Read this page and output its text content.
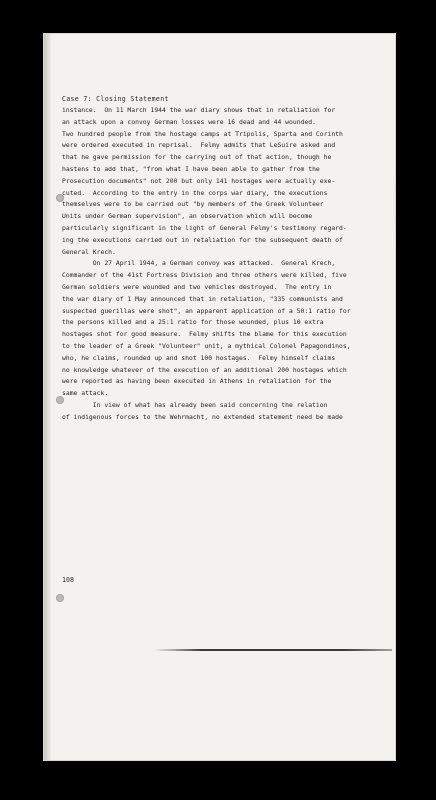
Case 7: Closing Statement
instance.  On 11 March 1944 the war diary shows that in retaliation for
an attack upon a convoy German losses were 16 dead and 44 wounded.
Two hundred people from the hostage camps at Tripolis, Sparta and Corinth
were ordered executed in reprisal.  Felmy admits that LeSuire asked and
that he gave permission for the carrying out of that action, though he
hastens to add that, "from what I have been able to gather from the
Prosecution documents" not 200 but only 141 hostages were actually exe-
cuted.  According to the entry in the corps war diary, the executions
themselves were to be carried out "by members of the Greek Volunteer
Units under German supervision", an observation which will become
particularly significant in the light of General Felmy's testimony regard-
ing the executions carried out in retaliation for the subsequent death of
General Krech.
On 27 April 1944, a German convoy was attacked.  General Krech,
Commander of the 41st Fortress Division and three others were killed, five
German soldiers were wounded and two vehicles destroyed.  The entry in
the war diary of 1 May announced that in retaliation, "335 communists and
suspected guerillas were shot", an apparent application of a 50:1 ratio for
the persons killed and a 25:1 ratio for those wounded, plus 10 extra
hostages shot for good measure.  Felmy shifts the blame for this execution
to the leader of a Greek "Volunteer" unit, a mythical Colonel Papagondinos,
who, he claims, rounded up and shot 100 hostages.  Felmy himself claims
no knowledge whatever of the execution of an additional 200 hostages which
were reported as having been executed in Athens in retaliation for the
same attack.
In view of what has already been said concerning the relation
of indigenous forces to the Wehrmacht, no extended statement need be made
108
